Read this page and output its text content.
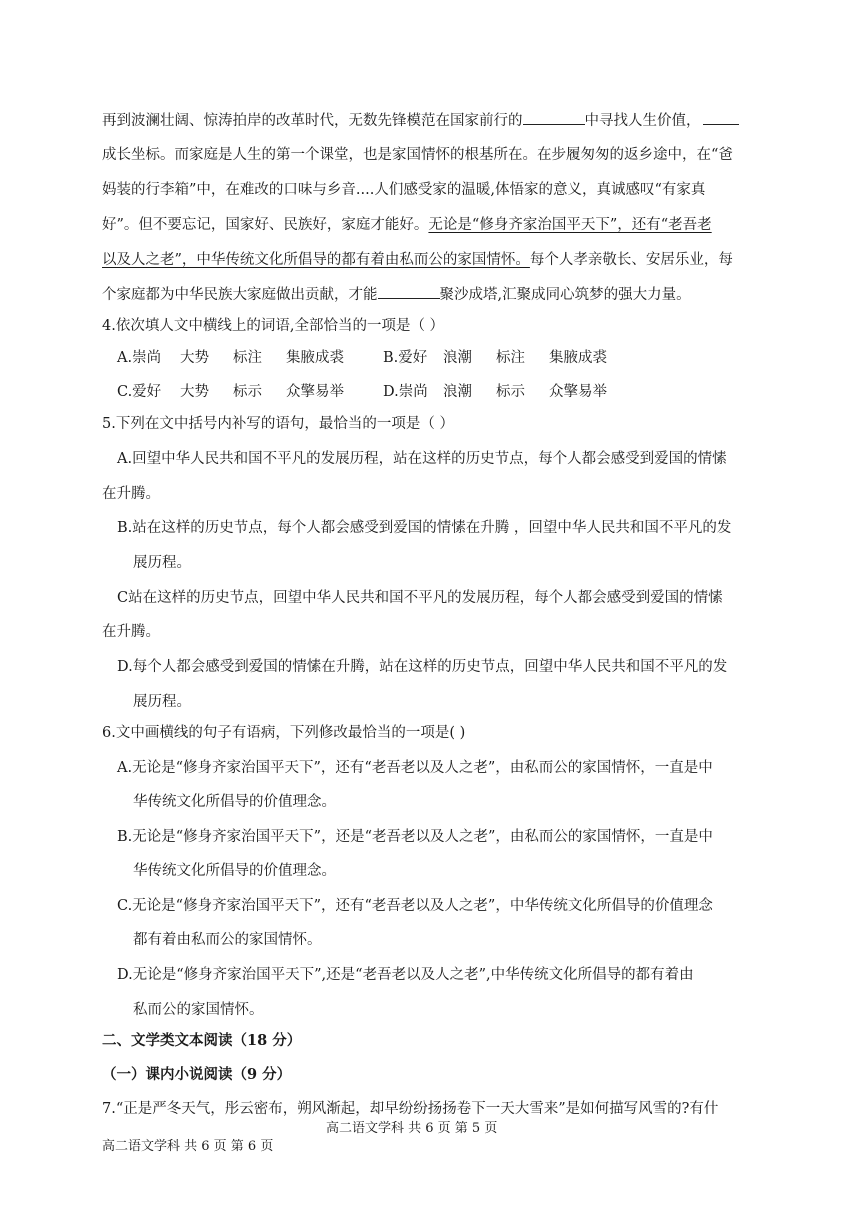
再到波澜壮阔、惊涛拍岸的改革时代，无数先锋模范在国家前行的	中寻找人生价值，
成长坐标。而家庭是人生的第一个课堂，也是家国情怀的根基所在。在步履匆匆的返乡途中，在“爸
妈装的行李箱”中，在难改的口味与乡音....人们感受家的温暖,体悟家的意义，真诚感叹“有家真
好”。但不要忘记，国家好、民族好，家庭才能好。无论是“修身齐家治国平天下”，还有“老吾老
以及人之老”，中华传统文化所倡导的都有着由私而公的家国情怀。每个人孝亲敬长、安居乐业，每
个家庭都为中华民族大家庭做出贡献，才能	聚沙成塔,汇聚成同心筑梦的强大力量。
4.依次填人文中横线上的词语,全部恰当的一项是（ ）
A.崇尚 大势 标注 集腋成裘	B.爱好 浪潮 标注 集腋成裘
C.爱好 大势 标示 众擎易举	D.崇尚 浪潮 标示 众擎易举
5.下列在文中括号内补写的语句，最恰当的一项是（ ）
A.回望中华人民共和国不平凡的发展历程，站在这样的历史节点，每个人都会感受到爱国的情愫
在升腾。
B.站在这样的历史节点，每个人都会感受到爱国的情愫在升腾 ，回望中华人民共和国不平凡的发
展历程。
C站在这样的历史节点，回望中华人民共和国不平凡的发展历程，每个人都会感受到爱国的情愫
在升腾。
D.每个人都会感受到爱国的情愫在升腾，站在这样的历史节点，回望中华人民共和国不平凡的发
展历程。
6.文中画横线的句子有语病，下列修改最恰当的一项是( )
A.无论是“修身齐家治国平天下”，还有“老吾老以及人之老”，由私而公的家国情怀，一直是中
华传统文化所倡导的价值理念。
B.无论是“修身齐家治国平天下”，还是“老吾老以及人之老”，由私而公的家国情怀，一直是中
华传统文化所倡导的价值理念。
C.无论是“修身齐家治国平天下”，还有“老吾老以及人之老”，中华传统文化所倡导的价值理念
都有着由私而公的家国情怀。
D.无论是“修身齐家治国平天下”,还是“老吾老以及人之老”,中华传统文化所倡导的都有着由
私而公的家国情怀。
二、文学类文本阅读（18 分）
（一）课内小说阅读（9 分）
7.“正是严冬天气，彤云密布，朔风渐起，却早纷纷扬扬卷下一天大雪来”是如何描写风雪的?有什
高二语文学科 共 6 页 第 5 页
高二语文学科 共 6 页 第 6 页
